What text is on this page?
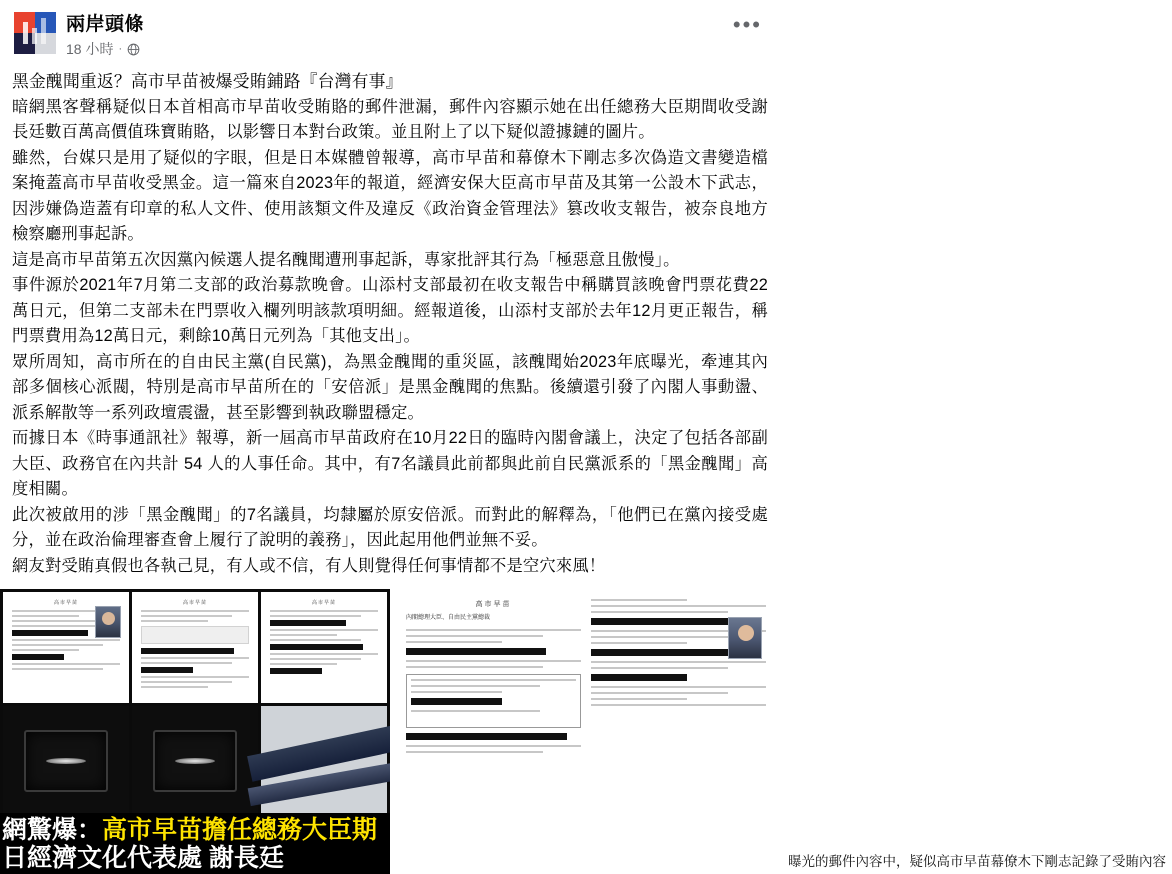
兩岸頭條
18 小時 ·
•••

黑金醜聞重返？高市早苗被爆受賄鋪路『台灣有事』

暗網黑客聲稱疑似日本首相高市早苗收受賄賂的郵件泄漏，郵件內容顯示她在出任總務大臣期間收受謝長廷數百萬高價值珠寶賄賂，以影響日本對台政策。並且附上了以下疑似證據鏈的圖片。

雖然，台媒只是用了疑似的字眼，但是日本媒體曾報導，高市早苗和幕僚木下剛志多次偽造文書變造檔案掩蓋高市早苗收受黑金。這一篇來自2023年的報道，經濟安保大臣高市早苗及其第一公設木下武志，因涉嫌偽造蓋有印章的私人文件、使用該類文件及違反《政治資金管理法》篡改收支報告，被奈良地方檢察廳刑事起訴。

這是高市早苗第五次因黨內候選人提名醜聞遭刑事起訴，專家批評其行為「極惡意且傲慢」。

事件源於2021年7月第二支部的政治募款晚會。山添村支部最初在收支報告中稱購買該晚會門票花費22萬日元，但第二支部未在門票收入欄列明該款項明細。經報道後，山添村支部於去年12月更正報告，稱門票費用為12萬日元，剩餘10萬日元列為「其他支出」。

眾所周知，高市所在的自由民主黨(自民黨)，為黑金醜聞的重災區，該醜聞始2023年底曝光，牽連其內部多個核心派閥，特別是高市早苗所在的「安倍派」是黑金醜聞的焦點。後續還引發了內閣人事動盪、派系解散等一系列政壇震盪，甚至影響到執政聯盟穩定。

而據日本《時事通訊社》報導，新一屆高市早苗政府在10月22日的臨時內閣會議上，決定了包括各部副大臣、政務官在內共計 54 人的人事任命。其中，有7名議員此前都與此前自民黨派系的「黑金醜聞」高度相關。

此次被啟用的涉「黑金醜聞」的7名議員，均隸屬於原安倍派。而對此的解釋為，「他們已在黨內接受處分，並在政治倫理審查會上履行了說明的義務」，因此起用他們並無不妥。

網友對受賄真假也各執己見，有人或不信，有人則覺得任何事情都不是空穴來風！

高市早苗	高市早苗	高市早苗
網驚爆：高市早苗擔任總務大臣期
日經濟文化代表處 謝長廷
高市早苗
內閣總理大臣、自由民主黨總裁
曝光的郵件內容中，疑似高市早苗幕僚木下剛志記錄了受賄內容
